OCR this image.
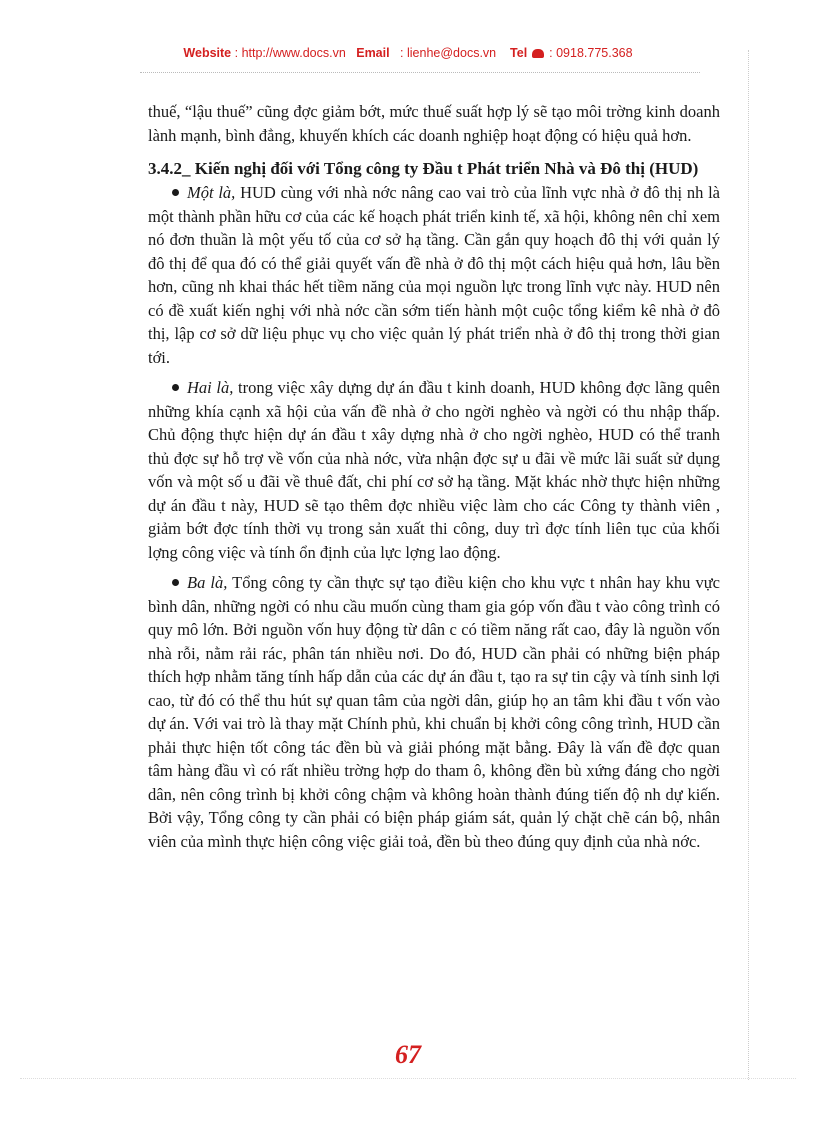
Website : http://www.docs.vn Email   : lienhe@docs.vn Tel : 0918.775.368

thuế, “lậu thuế” cũng đợc giảm bớt, mức thuế suất hợp lý sẽ tạo môi trờng kinh doanh lành mạnh, bình đẳng, khuyến khích các doanh nghiệp hoạt động có hiệu quả hơn.

3.4.2_ Kiến nghị đối với Tổng công ty Đầu t Phát triển Nhà và Đô thị (HUD)

Một là, HUD cùng với nhà nớc nâng cao vai trò của lĩnh vực nhà ở đô thị nh là một thành phần hữu cơ của các kế hoạch phát triển kinh tế, xã hội, không nên chỉ xem nó đơn thuần là một yếu tố của cơ sở hạ tầng. Cần gắn quy hoạch đô thị với quản lý đô thị để qua đó có thể giải quyết vấn đề nhà ở đô thị một cách hiệu quả hơn, lâu bền hơn, cũng nh khai thác hết tiềm năng của mọi nguồn lực trong lĩnh vực này. HUD nên có đề xuất kiến nghị với nhà nớc cần sớm tiến hành một cuộc tổng kiểm kê nhà ở đô thị, lập cơ sở dữ liệu phục vụ cho việc quản lý phát triển nhà ở đô thị trong thời gian tới.

Hai là, trong việc xây dựng dự án đầu t kinh doanh, HUD không đợc lãng quên những khía cạnh xã hội của vấn đề nhà ở cho ngời nghèo và ngời có thu nhập thấp. Chủ động thực hiện dự án đầu t xây dựng nhà ở cho ngời nghèo, HUD có thể tranh thủ đợc sự hỗ trợ về vốn của nhà nớc, vừa nhận đợc sự u đãi về mức lãi suất sử dụng vốn và một số u đãi về thuê đất, chi phí cơ sở hạ tầng. Mặt khác nhờ thực hiện những dự án đầu t này, HUD sẽ tạo thêm đợc nhiều việc làm cho các Công ty thành viên , giảm bớt đợc tính thời vụ trong sản xuất thi công, duy trì đợc tính liên tục của khối lợng công việc và tính ổn định của lực lợng lao động.

Ba là, Tổng công ty cần thực sự tạo điều kiện cho khu vực t nhân hay khu vực bình dân, những ngời có nhu cầu muốn cùng tham gia góp vốn đầu t vào công trình có quy mô lớn. Bởi nguồn vốn huy động từ dân c có tiềm năng rất cao, đây là nguồn vốn nhà rỗi, nằm rải rác, phân tán nhiều nơi. Do đó, HUD cần phải có những biện pháp thích hợp nhằm tăng tính hấp dẫn của các dự án đầu t, tạo ra sự tin cậy và tính sinh lợi cao, từ đó có thể thu hút sự quan tâm của ngời dân, giúp họ an tâm khi đầu t vốn vào dự án. Với vai trò là thay mặt Chính phủ, khi chuẩn bị khởi công công trình, HUD cần phải thực hiện tốt công tác đền bù và giải phóng mặt bằng. Đây là vấn đề đợc quan tâm hàng đầu vì có rất nhiều trờng hợp do tham ô, không đền bù xứng đáng cho ngời dân, nên công trình bị khởi công chậm và không hoàn thành đúng tiến độ nh dự kiến. Bởi vậy, Tổng công ty cần phải có biện pháp giám sát, quản lý chặt chẽ cán bộ, nhân viên của mình thực hiện công việc giải toả, đền bù theo đúng quy định của nhà nớc.

67
